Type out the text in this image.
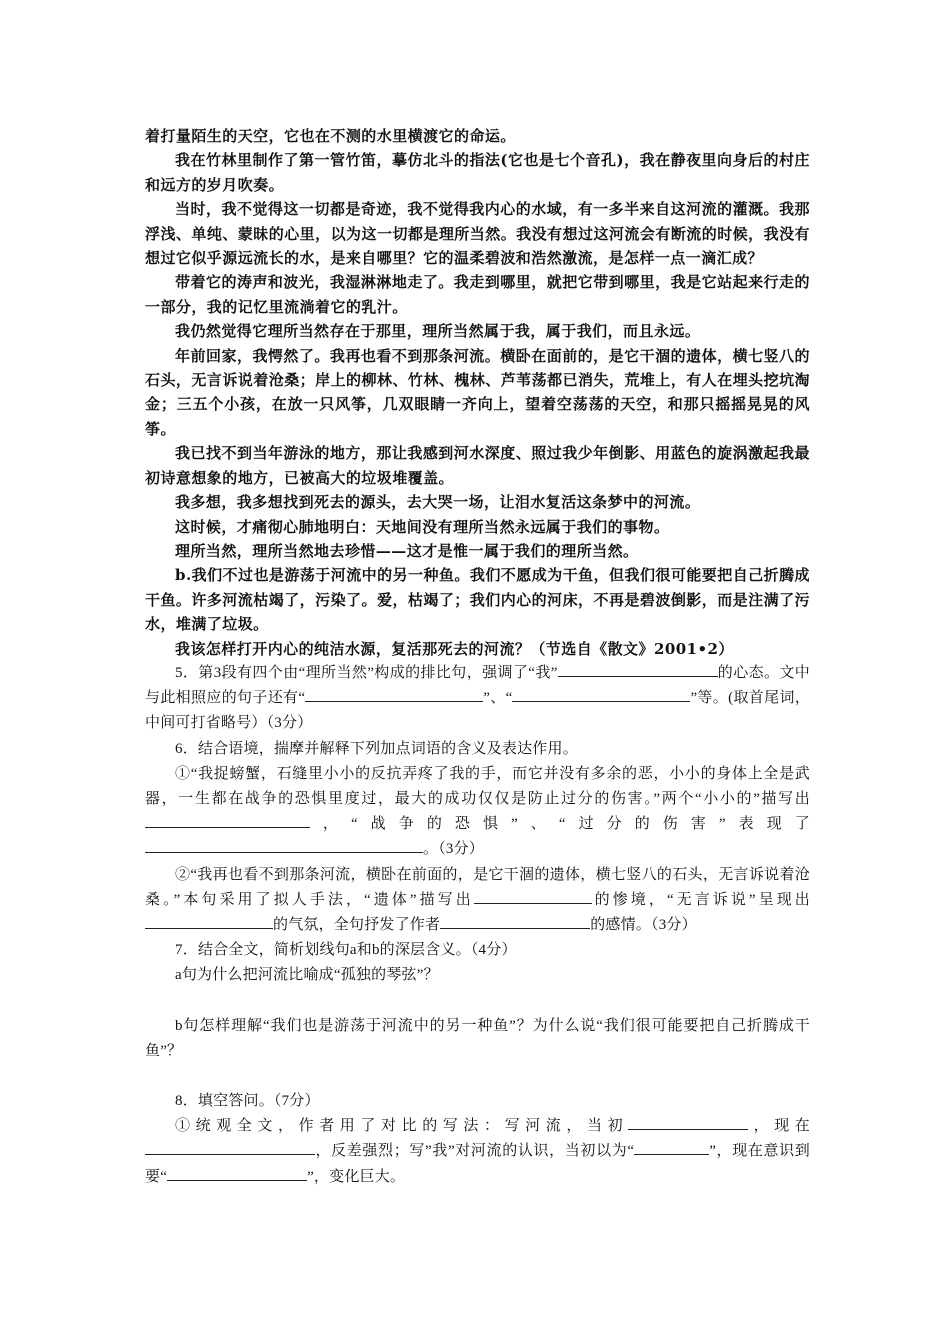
着打量陌生的天空，它也在不测的水里横渡它的命运。

我在竹林里制作了第一管竹笛，摹仿北斗的指法(它也是七个音孔)，我在静夜里向身后的村庄和远方的岁月吹奏。

当时，我不觉得这一切都是奇迹，我不觉得我内心的水域，有一多半来自这河流的灌溉。我那浮浅、单纯、蒙昧的心里，以为这一切都是理所当然。我没有想过这河流会有断流的时候，我没有想过它似乎源远流长的水，是来自哪里？它的温柔碧波和浩然激流，是怎样一点一滴汇成？

带着它的涛声和波光，我湿淋淋地走了。我走到哪里，就把它带到哪里，我是它站起来行走的一部分，我的记忆里流淌着它的乳汁。

我仍然觉得它理所当然存在于那里，理所当然属于我，属于我们，而且永远。

年前回家，我愕然了。我再也看不到那条河流。横卧在面前的，是它干涸的遗体，横七竖八的石头，无言诉说着沧桑；岸上的柳林、竹林、槐林、芦苇荡都已消失，荒堆上，有人在埋头挖坑淘金；三五个小孩，在放一只风筝，几双眼睛一齐向上，望着空荡荡的天空，和那只摇摇晃晃的风筝。

我已找不到当年游泳的地方，那让我感到河水深度、照过我少年倒影、用蓝色的旋涡激起我最初诗意想象的地方，已被高大的垃圾堆覆盖。

我多想，我多想找到死去的源头，去大哭一场，让泪水复活这条梦中的河流。

这时候，才痛彻心肺地明白：天地间没有理所当然永远属于我们的事物。

理所当然，理所当然地去珍惜——这才是惟一属于我们的理所当然。

b.我们不过也是游荡于河流中的另一种鱼。我们不愿成为干鱼，但我们很可能要把自己折腾成干鱼。许多河流枯竭了，污染了。爱，枯竭了；我们内心的河床，不再是碧波倒影，而是注满了污水，堆满了垃圾。

我该怎样打开内心的纯洁水源，复活那死去的河流？（节选自《散文》2001•2）

5．第3段有四个由“理所当然”构成的排比句，强调了“我”	的心态。文中与此相照应的句子还有“	”、“	”等。(取首尾词，中间可打省略号）（3分）

6．结合语境，揣摩并解释下列加点词语的含义及表达作用。

①“我捉螃蟹，石缝里小小的反抗弄疼了我的手，而它并没有多余的恶，小小的身体上全是武器，一生都在战争的恐惧里度过，最大的成功仅仅是防止过分的伤害。”两个“小小的”描写出，“战争的恐惧”、“过分的伤害”表现了。（3分）

②“我再也看不到那条河流，横卧在前面的，是它干涸的遗体，横七竖八的石头，无言诉说着沧桑。”本句采用了拟人手法，“遗体”描写出	的惨境，“无言诉说”呈现出的气氛，全句抒发了作者	的感情。（3分）

7．结合全文，简析划线句a和b的深层含义。（4分）

a句为什么把河流比喻成“孤独的琴弦”？

b句怎样理解“我们也是游荡于河流中的另一种鱼”？为什么说“我们很可能要把自己折腾成干鱼”？

8．填空答问。（7分）

①统观全文，作者用了对比的写法：写河流，当初	，现在，反差强烈；写”我”对河流的认识，当初以为“	”，现在意识到要“	”，变化巨大。
